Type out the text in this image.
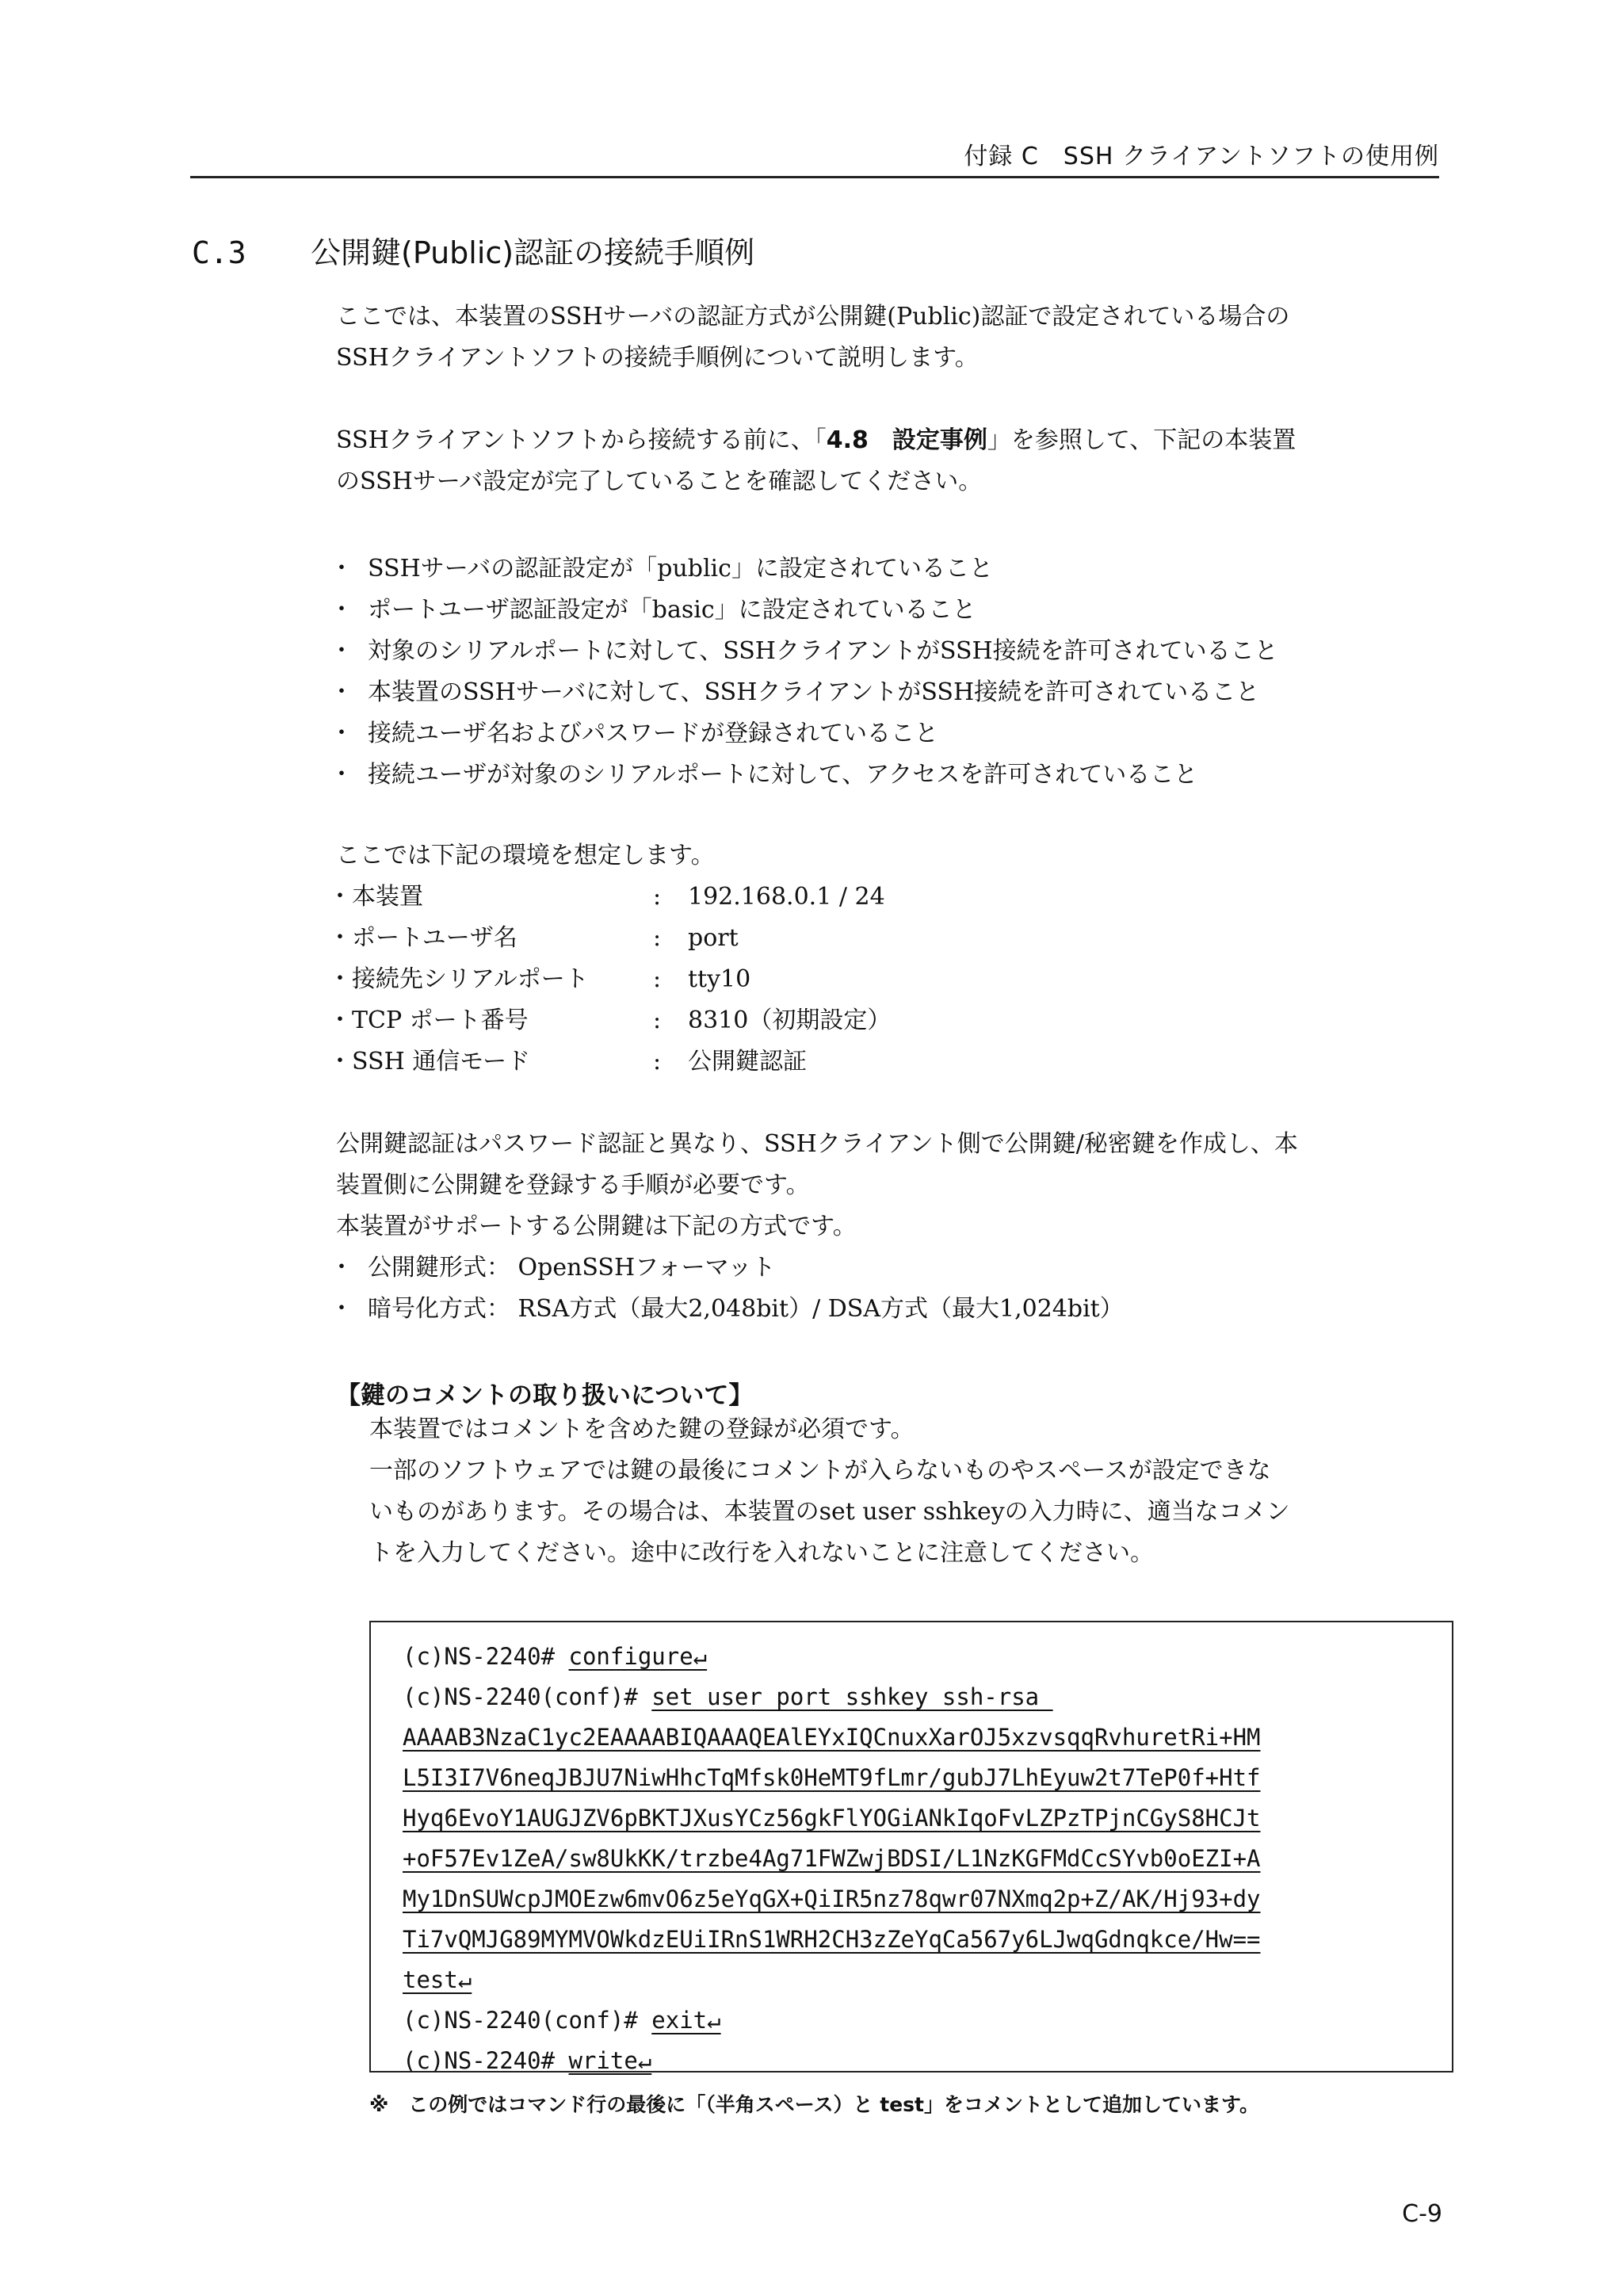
付録 C　SSH クライアントソフトの使用例
C.3 公開鍵(Public)認証の接続手順例

ここでは、本装置のSSHサーバの認証方式が公開鍵(Public)認証で設定されている場合の

SSHクライアントソフトの接続手順例について説明します。

SSHクライアントソフトから接続する前に、「4.8　設定事例」を参照して、下記の本装置

のSSHサーバ設定が完了していることを確認してください。

・ SSHサーバの認証設定が「public」に設定されていること
・ ポートユーザ認証設定が「basic」に設定されていること
・ 対象のシリアルポートに対して、SSHクライアントがSSH接続を許可されていること
・ 本装置のSSHサーバに対して、SSHクライアントがSSH接続を許可されていること
・ 接続ユーザ名およびパスワードが登録されていること
・ 接続ユーザが対象のシリアルポートに対して、アクセスを許可されていること

ここでは下記の環境を想定します。

・ 本装置	:	192.168.0.1 / 24
・ ポートユーザ名	:	port
・ 接続先シリアルポート	:	tty10
・ TCP ポート番号	:	8310（初期設定）
・ SSH 通信モード	:	公開鍵認証

公開鍵認証はパスワード認証と異なり、SSHクライアント側で公開鍵/秘密鍵を作成し、本

装置側に公開鍵を登録する手順が必要です。

本装置がサポートする公開鍵は下記の方式です。

・ 公開鍵形式： OpenSSHフォーマット
・ 暗号化方式： RSA方式（最大2,048bit）/ DSA方式（最大1,024bit）
【鍵のコメントの取り扱いについて】

本装置ではコメントを含めた鍵の登録が必須です。

一部のソフトウェアでは鍵の最後にコメントが入らないものやスペースが設定できな

いものがあります。その場合は、本装置のset user sshkeyの入力時に、適当なコメン

トを入力してください。途中に改行を入れないことに注意してください。

(c)NS-2240# configure↵
(c)NS-2240(conf)# set user port sshkey ssh-rsa
AAAAB3NzaC1yc2EAAAABIQAAAQEAlEYxIQCnuxXarOJ5xzvsqqRvhuretRi+HM
L5I3I7V6neqJBJU7NiwHhcTqMfsk0HeMT9fLmr/gubJ7LhEyuw2t7TeP0f+Htf
Hyq6EvoY1AUGJZV6pBKTJXusYCz56gkFlYOGiANkIqoFvLZPzTPjnCGyS8HCJt
+oF57Ev1ZeA/sw8UkKK/trzbe4Ag71FWZwjBDSI/L1NzKGFMdCcSYvb0oEZI+A
My1DnSUWcpJMOEzw6mvO6z5eYqGX+QiIR5nz78qwr07NXmq2p+Z/AK/Hj93+dy
Ti7vQMJG89MYMVOWkdzEUiIRnS1WRH2CH3zZeYqCa567y6LJwqGdnqkce/Hw==
test↵
(c)NS-2240(conf)# exit↵
(c)NS-2240# write↵
※　この例ではコマンド行の最後に「（半角スペース）と test」をコメントとして追加しています。
C-9
